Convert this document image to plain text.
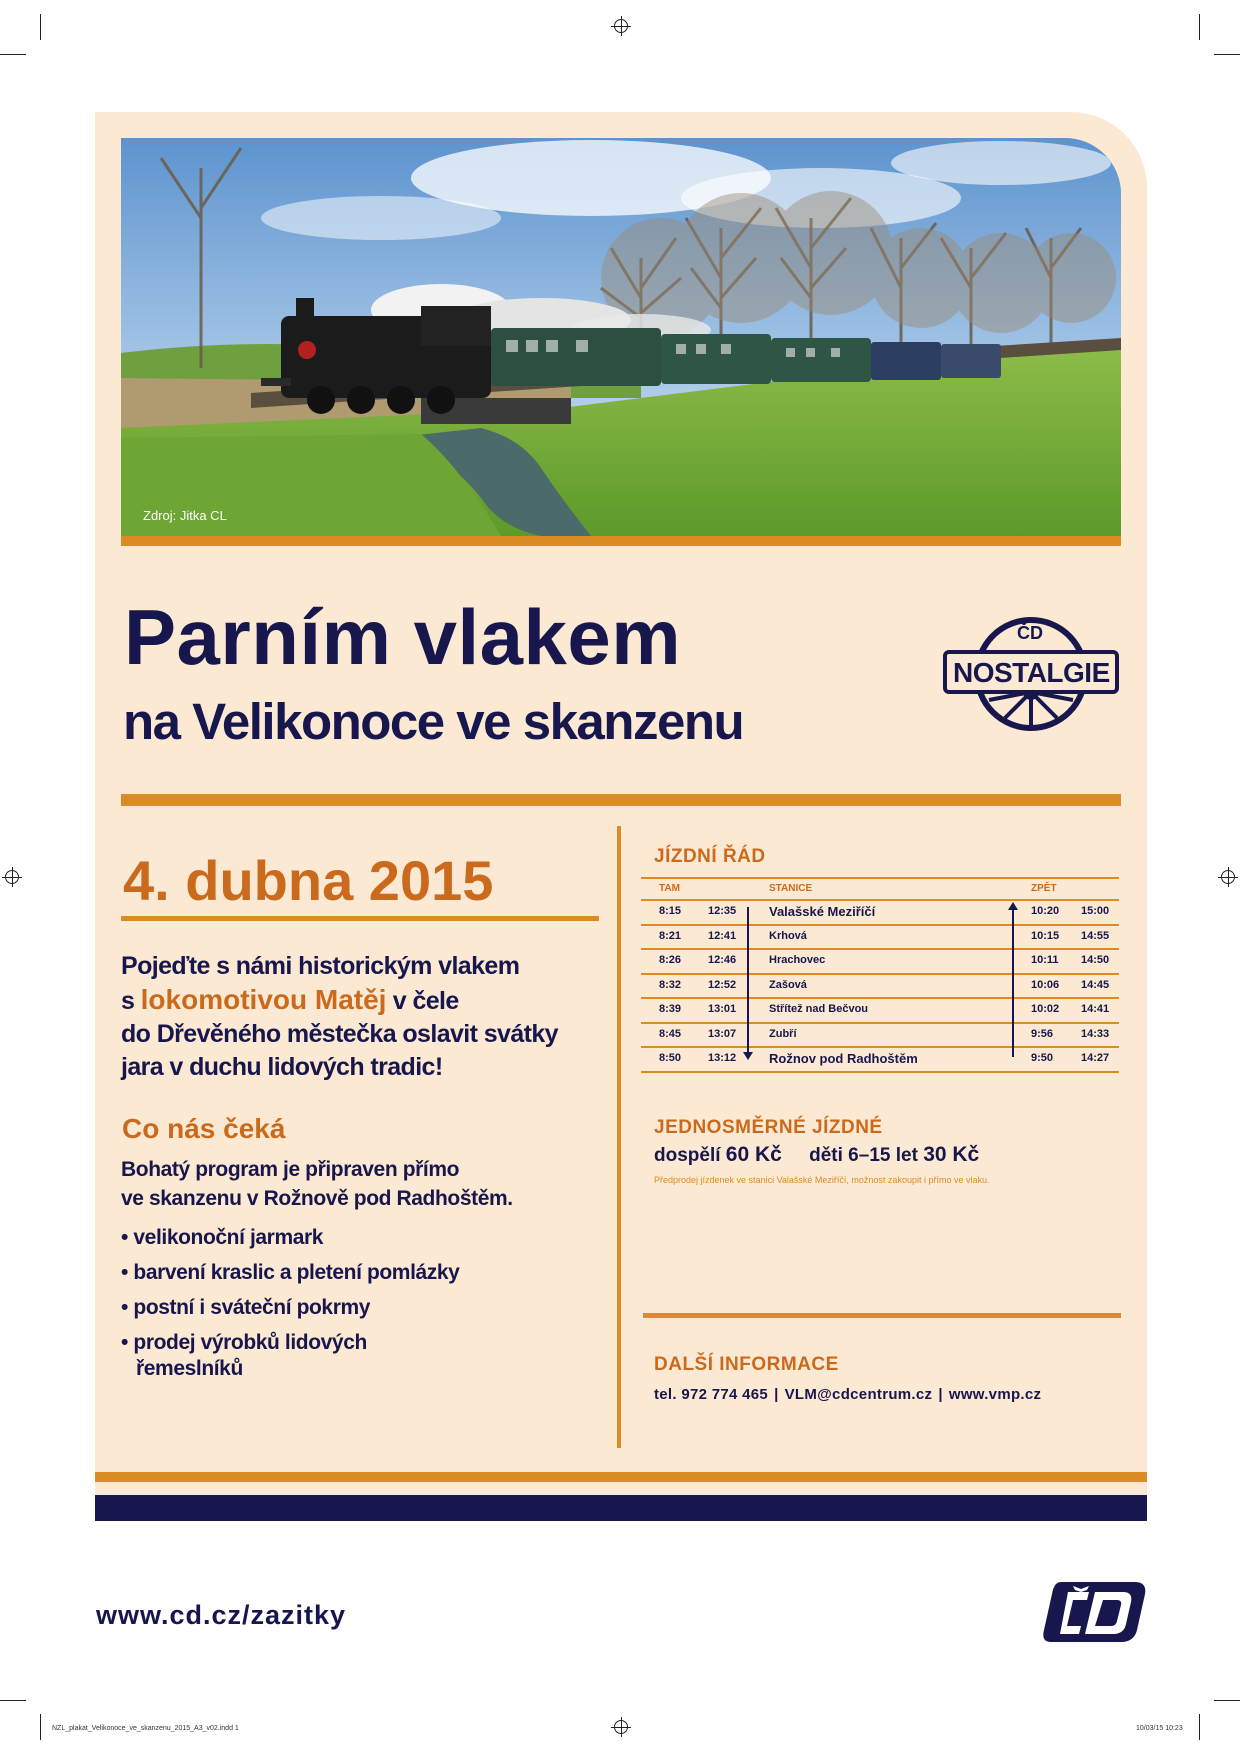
Zdroj: Jitka CL
Parním vlakem
na Velikonoce ve skanzenu
ČD
NOSTALGIE
4. dubna 2015
Pojeďte s námi historickým vlakem
s lokomotivou Matěj v čele
do Dřevěného městečka oslavit svátky
jara v duchu lidových tradic!
Co nás čeká
Bohatý program je připraven přímo
ve skanzenu v Rožnově pod Radhoštěm.
• velikonoční jarmark
• barvení kraslic a pletení pomlázky
• postní i sváteční pokrmy
• prodej výrobků lidových řemeslníků
JÍZDNÍ ŘÁD
TAM	STANICE	ZPĚT
8:15 12:35	Valašské Meziříčí	10:20 15:00
8:21 12:41	Krhová	10:15 14:55
8:26 12:46	Hrachovec	10:11 14:50
8:32 12:52	Zašová	10:06 14:45
8:39 13:01	Střítež nad Bečvou	10:02 14:41
8:45 13:07	Zubří	9:56	14:33
8:50 13:12	Rožnov pod Radhoštěm	9:50	14:27
JEDNOSMĚRNÉ JÍZDNÉ
dospělí 60 Kč děti 6–15 let 30 Kč
Předprodej jízdenek ve stanici Valašské Meziříčí, možnost zakoupit i přímo ve vlaku.
DALŠÍ INFORMACE
tel. 972 774 465 | VLM@cdcentrum.cz | www.vmp.cz
www.cd.cz/zazitky
NZL_plakat_Velikonoce_ve_skanzenu_2015_A3_v02.indd 1	10/03/15 10:23
